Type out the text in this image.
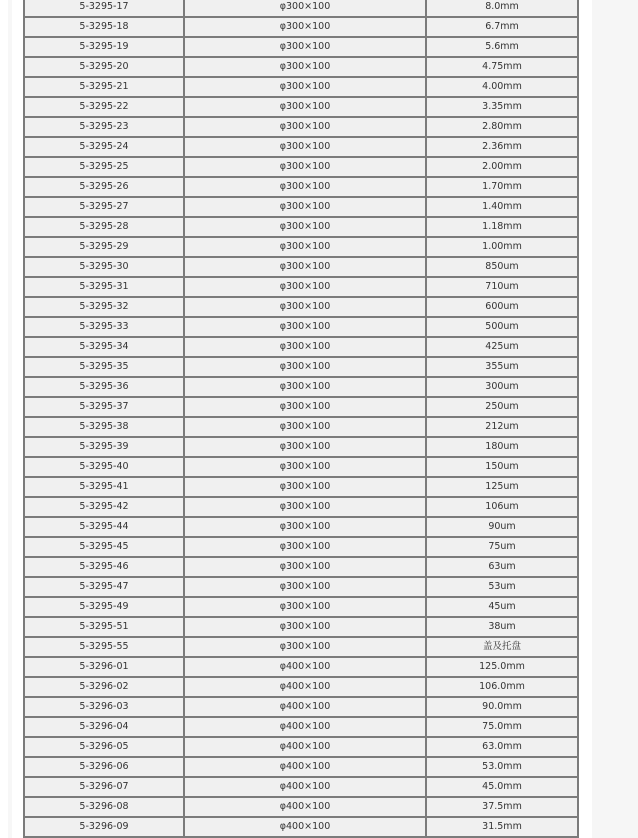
5-3295-17	φ300×100	8.0mm
5-3295-18	φ300×100	6.7mm
5-3295-19	φ300×100	5.6mm
5-3295-20	φ300×100	4.75mm
5-3295-21	φ300×100	4.00mm
5-3295-22	φ300×100	3.35mm
5-3295-23	φ300×100	2.80mm
5-3295-24	φ300×100	2.36mm
5-3295-25	φ300×100	2.00mm
5-3295-26	φ300×100	1.70mm
5-3295-27	φ300×100	1.40mm
5-3295-28	φ300×100	1.18mm
5-3295-29	φ300×100	1.00mm
5-3295-30	φ300×100	850um
5-3295-31	φ300×100	710um
5-3295-32	φ300×100	600um
5-3295-33	φ300×100	500um
5-3295-34	φ300×100	425um
5-3295-35	φ300×100	355um
5-3295-36	φ300×100	300um
5-3295-37	φ300×100	250um
5-3295-38	φ300×100	212um
5-3295-39	φ300×100	180um
5-3295-40	φ300×100	150um
5-3295-41	φ300×100	125um
5-3295-42	φ300×100	106um
5-3295-44	φ300×100	90um
5-3295-45	φ300×100	75um
5-3295-46	φ300×100	63um
5-3295-47	φ300×100	53um
5-3295-49	φ300×100	45um
5-3295-51	φ300×100	38um
5-3295-55	φ300×100	盖及托盘
5-3296-01	φ400×100	125.0mm
5-3296-02	φ400×100	106.0mm
5-3296-03	φ400×100	90.0mm
5-3296-04	φ400×100	75.0mm
5-3296-05	φ400×100	63.0mm
5-3296-06	φ400×100	53.0mm
5-3296-07	φ400×100	45.0mm
5-3296-08	φ400×100	37.5mm
5-3296-09	φ400×100	31.5mm
